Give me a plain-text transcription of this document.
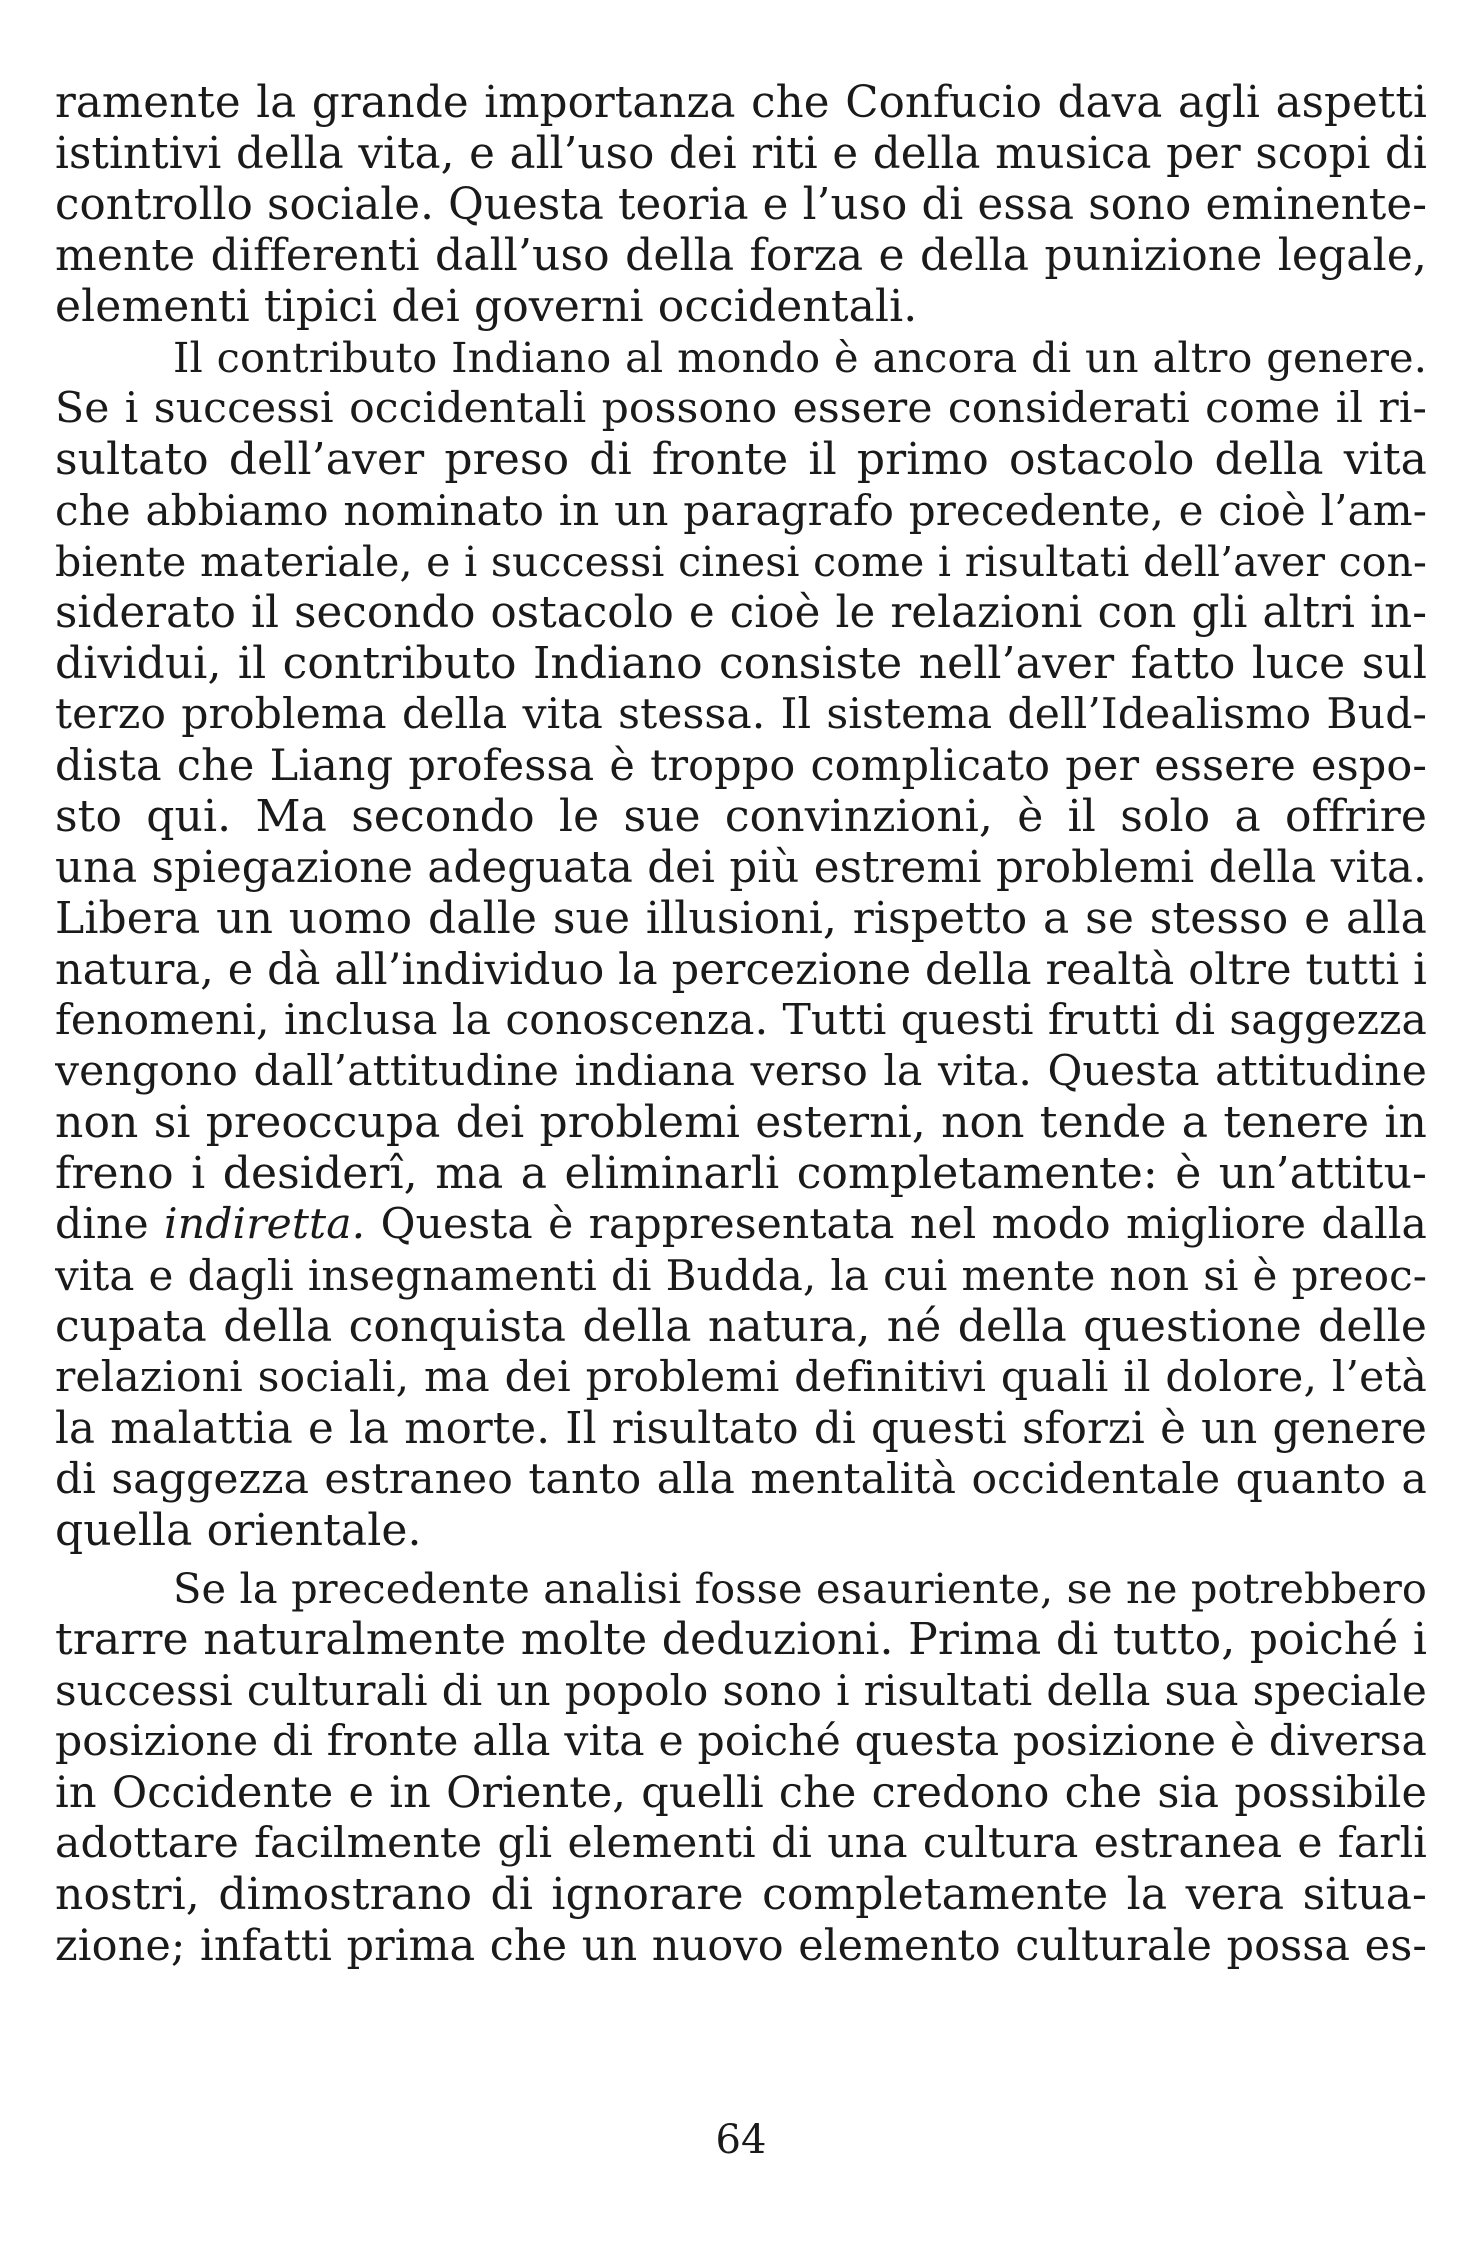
ramente la grande importanza che Confucio dava agli aspetti
istintivi della vita, e all’uso dei riti e della musica per scopi di
controllo sociale. Questa teoria e l’uso di essa sono eminente-
mente differenti dall’uso della forza e della punizione legale,
elementi tipici dei governi occidentali.
Il contributo Indiano al mondo è ancora di un altro genere.
Se i successi occidentali possono essere considerati come il ri-
sultato dell’aver preso di fronte il primo ostacolo della vita
che abbiamo nominato in un paragrafo precedente, e cioè l’am-
biente materiale, e i successi cinesi come i risultati dell’aver con-
siderato il secondo ostacolo e cioè le relazioni con gli altri in-
dividui, il contributo Indiano consiste nell’aver fatto luce sul
terzo problema della vita stessa. Il sistema dell’Idealismo Bud-
dista che Liang professa è troppo complicato per essere espo-
sto qui. Ma secondo le sue convinzioni, è il solo a offrire
una spiegazione adeguata dei più estremi problemi della vita.
Libera un uomo dalle sue illusioni, rispetto a se stesso e alla
natura, e dà all’individuo la percezione della realtà oltre tutti i
fenomeni, inclusa la conoscenza. Tutti questi frutti di saggezza
vengono dall’attitudine indiana verso la vita. Questa attitudine
non si preoccupa dei problemi esterni, non tende a tenere in
freno i desiderî, ma a eliminarli completamente: è un’attitu-
dine indiretta. Questa è rappresentata nel modo migliore dalla
vita e dagli insegnamenti di Budda, la cui mente non si è preoc-
cupata della conquista della natura, né della questione delle
relazioni sociali, ma dei problemi definitivi quali il dolore, l’età
la malattia e la morte. Il risultato di questi sforzi è un genere
di saggezza estraneo tanto alla mentalità occidentale quanto a
quella orientale.
Se la precedente analisi fosse esauriente, se ne potrebbero
trarre naturalmente molte deduzioni. Prima di tutto, poiché i
successi culturali di un popolo sono i risultati della sua speciale
posizione di fronte alla vita e poiché questa posizione è diversa
in Occidente e in Oriente, quelli che credono che sia possibile
adottare facilmente gli elementi di una cultura estranea e farli
nostri, dimostrano di ignorare completamente la vera situa-
zione; infatti prima che un nuovo elemento culturale possa es-
64
